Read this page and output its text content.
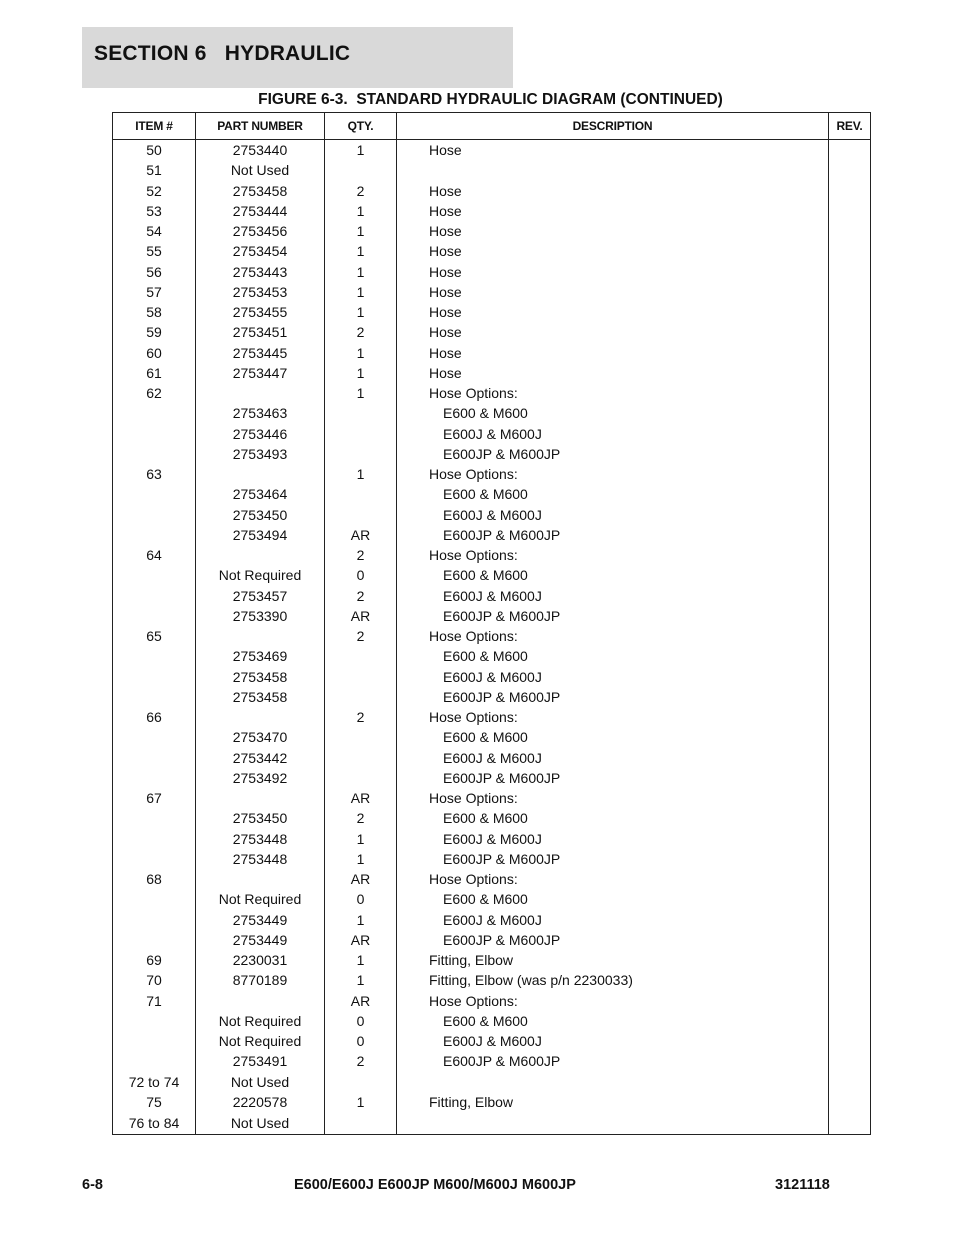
SECTION 6   HYDRAULIC
FIGURE 6-3.  STANDARD HYDRAULIC DIAGRAM (CONTINUED)
ITEM #	PART NUMBER	QTY.	DESCRIPTION	REV.
50	2753440	1	Hose	
51	Not Used			
52	2753458	2	Hose	
53	2753444	1	Hose	
54	2753456	1	Hose	
55	2753454	1	Hose	
56	2753443	1	Hose	
57	2753453	1	Hose	
58	2753455	1	Hose	
59	2753451	2	Hose	
60	2753445	1	Hose	
61	2753447	1	Hose	
62		1	Hose Options:	
	2753463		E600 & M600	
	2753446		E600J & M600J	
	2753493		E600JP & M600JP	
63		1	Hose Options:	
	2753464		E600 & M600	
	2753450		E600J & M600J	
	2753494	AR	E600JP & M600JP	
64		2	Hose Options:	
	Not Required	0	E600 & M600	
	2753457	2	E600J & M600J	
	2753390	AR	E600JP & M600JP	
65		2	Hose Options:	
	2753469		E600 & M600	
	2753458		E600J & M600J	
	2753458		E600JP & M600JP	
66		2	Hose Options:	
	2753470		E600 & M600	
	2753442		E600J & M600J	
	2753492		E600JP & M600JP	
67		AR	Hose Options:	
	2753450	2	E600 & M600	
	2753448	1	E600J & M600J	
	2753448	1	E600JP & M600JP	
68		AR	Hose Options:	
	Not Required	0	E600 & M600	
	2753449	1	E600J & M600J	
	2753449	AR	E600JP & M600JP	
69	2230031	1	Fitting, Elbow	
70	8770189	1	Fitting, Elbow (was p/n 2230033)	
71		AR	Hose Options:	
	Not Required	0	E600 & M600	
	Not Required	0	E600J & M600J	
	2753491	2	E600JP & M600JP	
72 to 74	Not Used			
75	2220578	1	Fitting, Elbow	
76 to 84	Not Used			
6-8	E600/E600J E600JP M600/M600J M600JP	3121118
